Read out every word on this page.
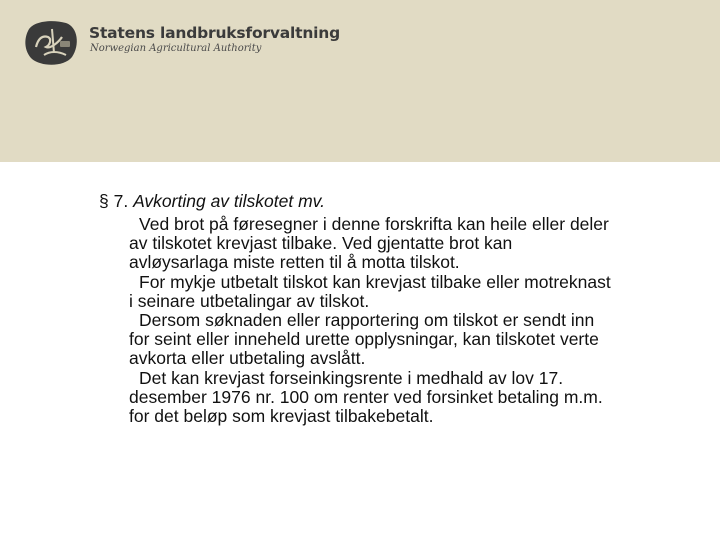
Statens landbruksforvaltning
Norwegian Agricultural Authority
§ 7. Avkorting av tilskotet mv.
Ved brot på føresegner i denne forskrifta kan heile eller deler
av tilskotet krevjast tilbake. Ved gjentatte brot kan
avløysarlaga miste retten til å motta tilskot.
For mykje utbetalt tilskot kan krevjast tilbake eller motreknast
i seinare utbetalingar av tilskot.
Dersom søknaden eller rapportering om tilskot er sendt inn
for seint eller inneheld urette opplysningar, kan tilskotet verte
avkorta eller utbetaling avslått.
Det kan krevjast forseinkingsrente i medhald av lov 17.
desember 1976 nr. 100 om renter ved forsinket betaling m.m.
for det beløp som krevjast tilbakebetalt.
